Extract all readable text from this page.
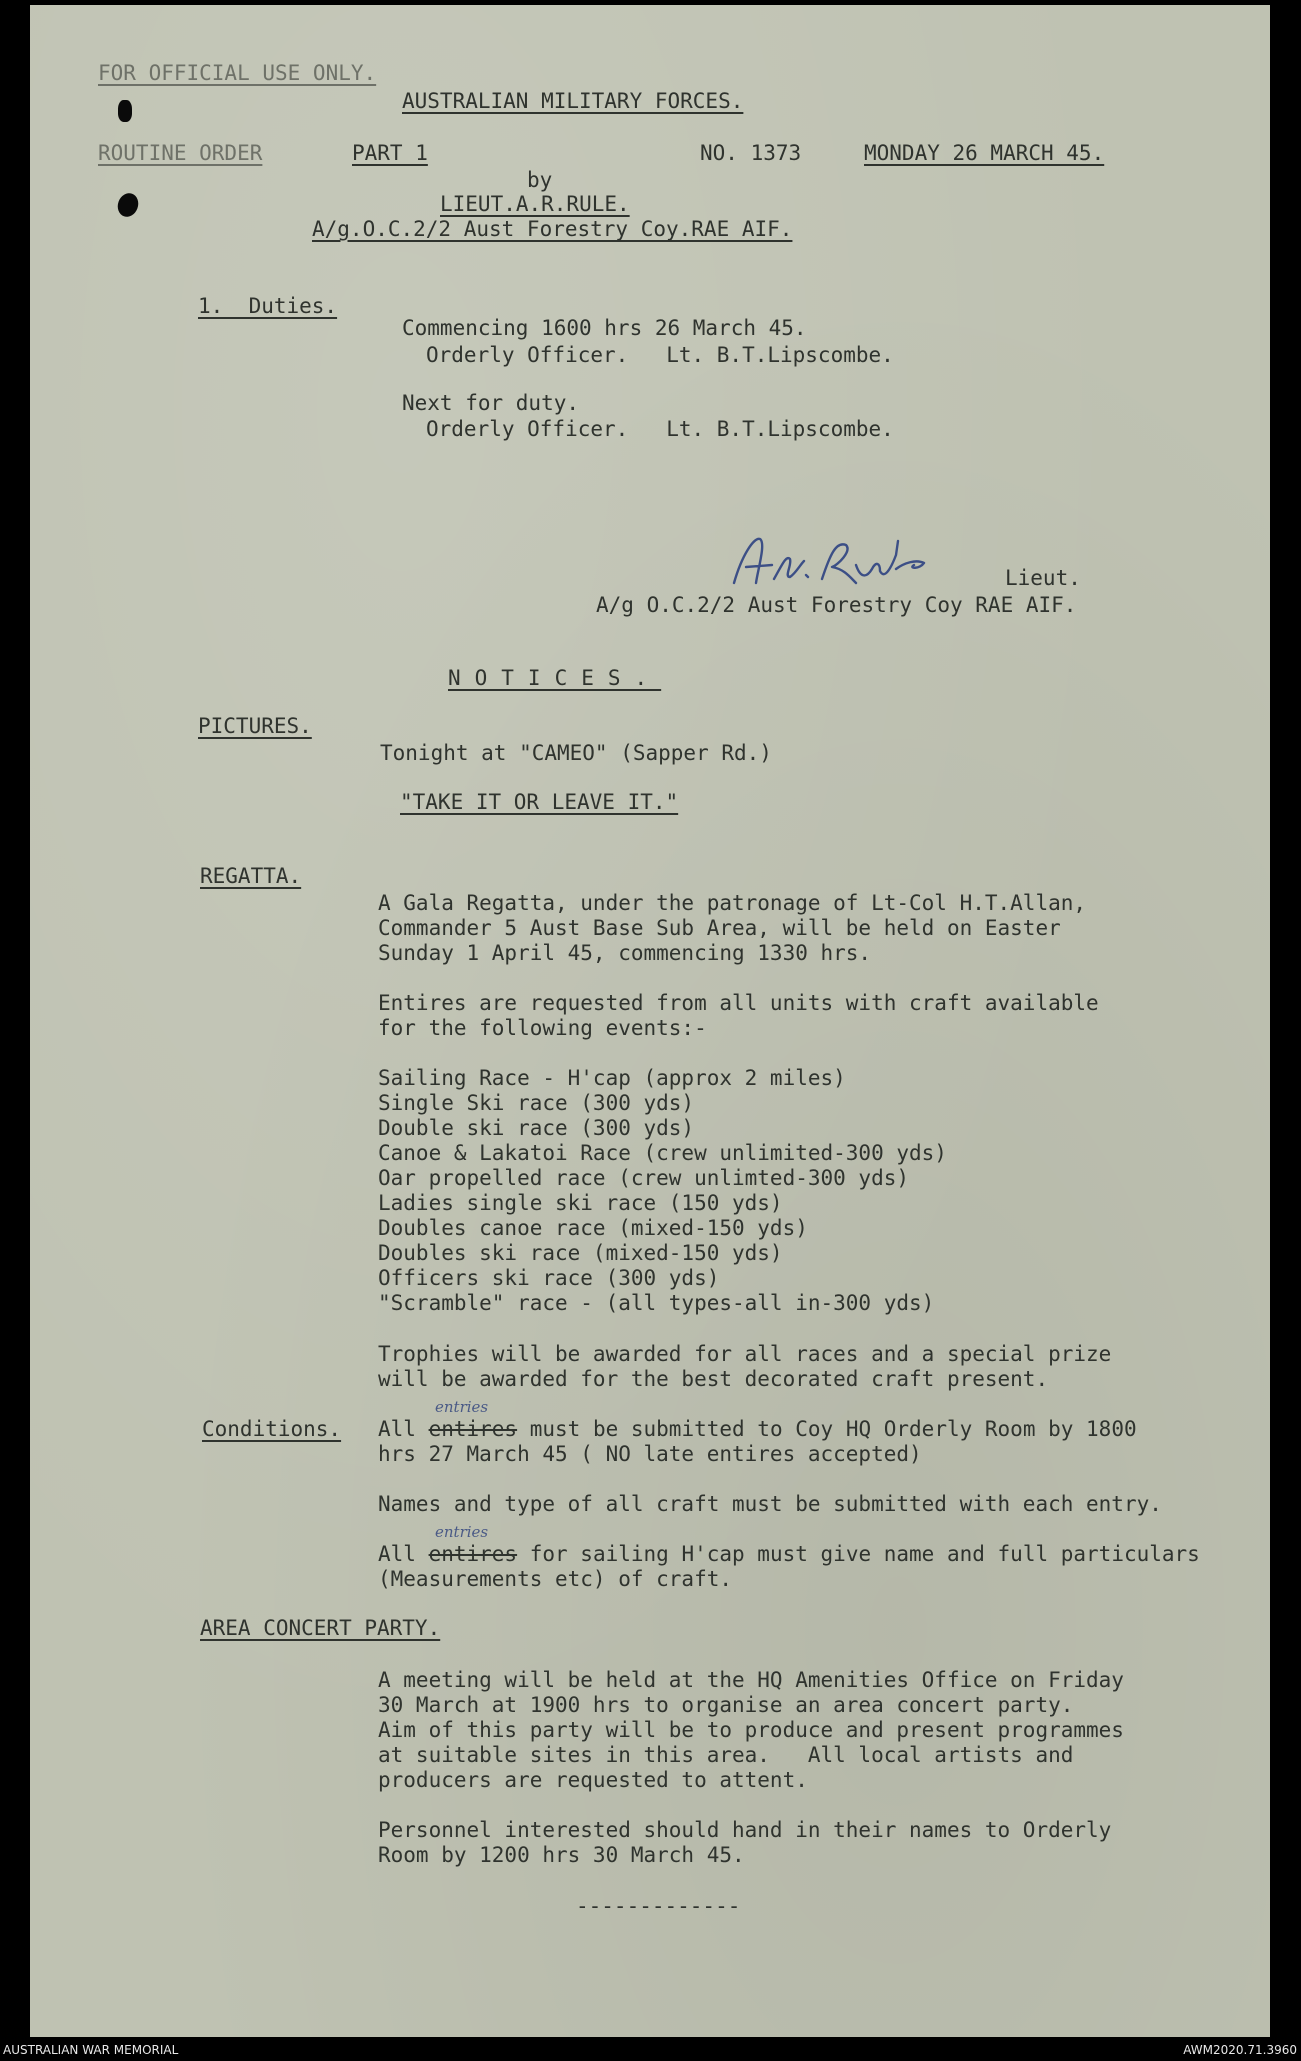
FOR OFFICIAL USE ONLY.
AUSTRALIAN MILITARY FORCES.
ROUTINE ORDER	PART 1	NO. 1373	MONDAY 26 MARCH 45.
by
LIEUT.A.R.RULE.
A/g.O.C.2/2 Aust Forestry Coy.RAE AIF.
1.  Duties.
Commencing 1600 hrs 26 March 45.
Orderly Officer.   Lt. B.T.Lipscombe.
Next for duty.
Orderly Officer.   Lt. B.T.Lipscombe.
Lieut.
A/g O.C.2/2 Aust Forestry Coy RAE AIF.
NOTICES.
PICTURES.
Tonight at "CAMEO" (Sapper Rd.)
"TAKE IT OR LEAVE IT."
REGATTA.
A Gala Regatta, under the patronage of Lt-Col H.T.Allan,
Commander 5 Aust Base Sub Area, will be held on Easter
Sunday 1 April 45, commencing 1330 hrs.
Entires are requested from all units with craft available
for the following events:-
Sailing Race - H'cap (approx 2 miles)
Single Ski race (300 yds)
Double ski race (300 yds)
Canoe & Lakatoi Race (crew unlimited-300 yds)
Oar propelled race (crew unlimted-300 yds)
Ladies single ski race (150 yds)
Doubles canoe race (mixed-150 yds)
Doubles ski race (mixed-150 yds)
Officers ski race (300 yds)
"Scramble" race - (all types-all in-300 yds)
Trophies will be awarded for all races and a special prize
will be awarded for the best decorated craft present.
Conditions.
entries
All entires must be submitted to Coy HQ Orderly Room by 1800
hrs 27 March 45 ( NO late entires accepted)
Names and type of all craft must be submitted with each entry.
entries
All entires for sailing H'cap must give name and full particulars
(Measurements etc) of craft.
AREA CONCERT PARTY.
A meeting will be held at the HQ Amenities Office on Friday
30 March at 1900 hrs to organise an area concert party.
Aim of this party will be to produce and present programmes
at suitable sites in this area.   All local artists and
producers are requested to attent.
Personnel interested should hand in their names to Orderly
Room by 1200 hrs 30 March 45.
-------------
AUSTRALIAN WAR MEMORIAL	AWM2020.71.3960
